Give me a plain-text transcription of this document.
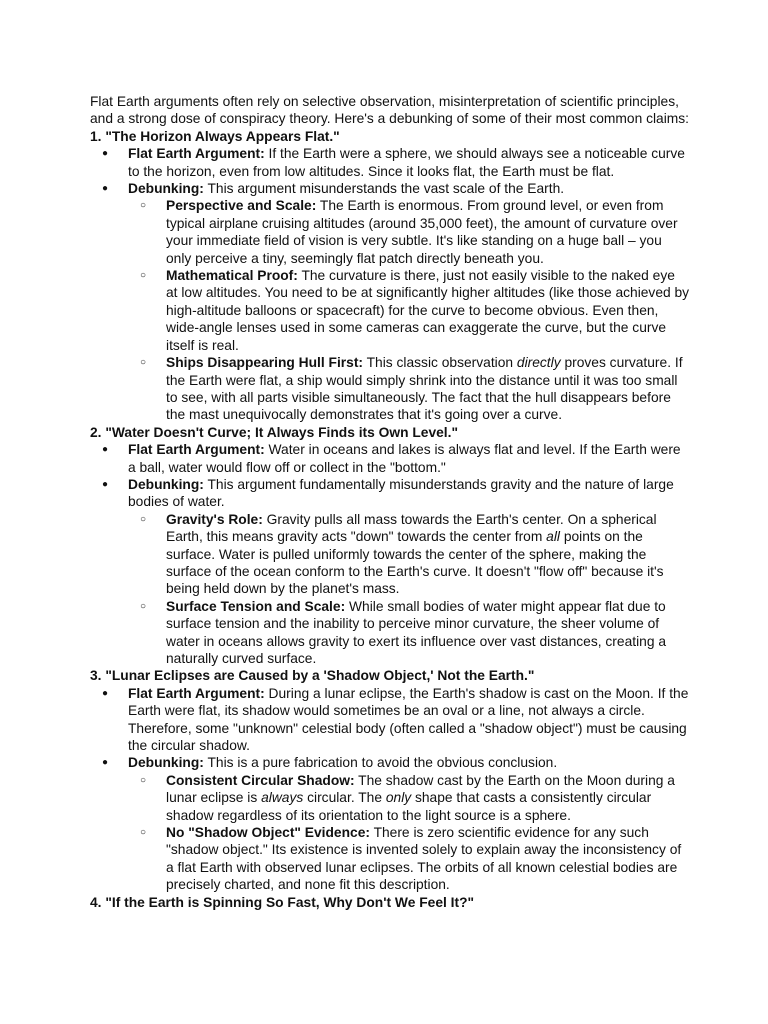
Flat Earth arguments often rely on selective observation, misinterpretation of scientific principles, and a strong dose of conspiracy theory. Here's a debunking of some of their most common claims:

1. "The Horizon Always Appears Flat."

● Flat Earth Argument: If the Earth were a sphere, we should always see a noticeable curve to the horizon, even from low altitudes. Since it looks flat, the Earth must be flat.
● Debunking: This argument misunderstands the vast scale of the Earth.
○ Perspective and Scale: The Earth is enormous. From ground level, or even from typical airplane cruising altitudes (around 35,000 feet), the amount of curvature over your immediate field of vision is very subtle. It's like standing on a huge ball – you only perceive a tiny, seemingly flat patch directly beneath you.
○ Mathematical Proof: The curvature is there, just not easily visible to the naked eye at low altitudes. You need to be at significantly higher altitudes (like those achieved by high-altitude balloons or spacecraft) for the curve to become obvious. Even then, wide-angle lenses used in some cameras can exaggerate the curve, but the curve itself is real.
○ Ships Disappearing Hull First: This classic observation directly proves curvature. If the Earth were flat, a ship would simply shrink into the distance until it was too small to see, with all parts visible simultaneously. The fact that the hull disappears before the mast unequivocally demonstrates that it's going over a curve.

2. "Water Doesn't Curve; It Always Finds its Own Level."

● Flat Earth Argument: Water in oceans and lakes is always flat and level. If the Earth were a ball, water would flow off or collect in the "bottom."
● Debunking: This argument fundamentally misunderstands gravity and the nature of large bodies of water.
○ Gravity's Role: Gravity pulls all mass towards the Earth's center. On a spherical Earth, this means gravity acts "down" towards the center from all points on the surface. Water is pulled uniformly towards the center of the sphere, making the surface of the ocean conform to the Earth's curve. It doesn't "flow off" because it's being held down by the planet's mass.
○ Surface Tension and Scale: While small bodies of water might appear flat due to surface tension and the inability to perceive minor curvature, the sheer volume of water in oceans allows gravity to exert its influence over vast distances, creating a naturally curved surface.

3. "Lunar Eclipses are Caused by a 'Shadow Object,' Not the Earth."

● Flat Earth Argument: During a lunar eclipse, the Earth's shadow is cast on the Moon. If the Earth were flat, its shadow would sometimes be an oval or a line, not always a circle. Therefore, some "unknown" celestial body (often called a "shadow object") must be causing the circular shadow.
● Debunking: This is a pure fabrication to avoid the obvious conclusion.
○ Consistent Circular Shadow: The shadow cast by the Earth on the Moon during a lunar eclipse is always circular. The only shape that casts a consistently circular shadow regardless of its orientation to the light source is a sphere.
○ No "Shadow Object" Evidence: There is zero scientific evidence for any such "shadow object." Its existence is invented solely to explain away the inconsistency of a flat Earth with observed lunar eclipses. The orbits of all known celestial bodies are precisely charted, and none fit this description.

4. "If the Earth is Spinning So Fast, Why Don't We Feel It?"
